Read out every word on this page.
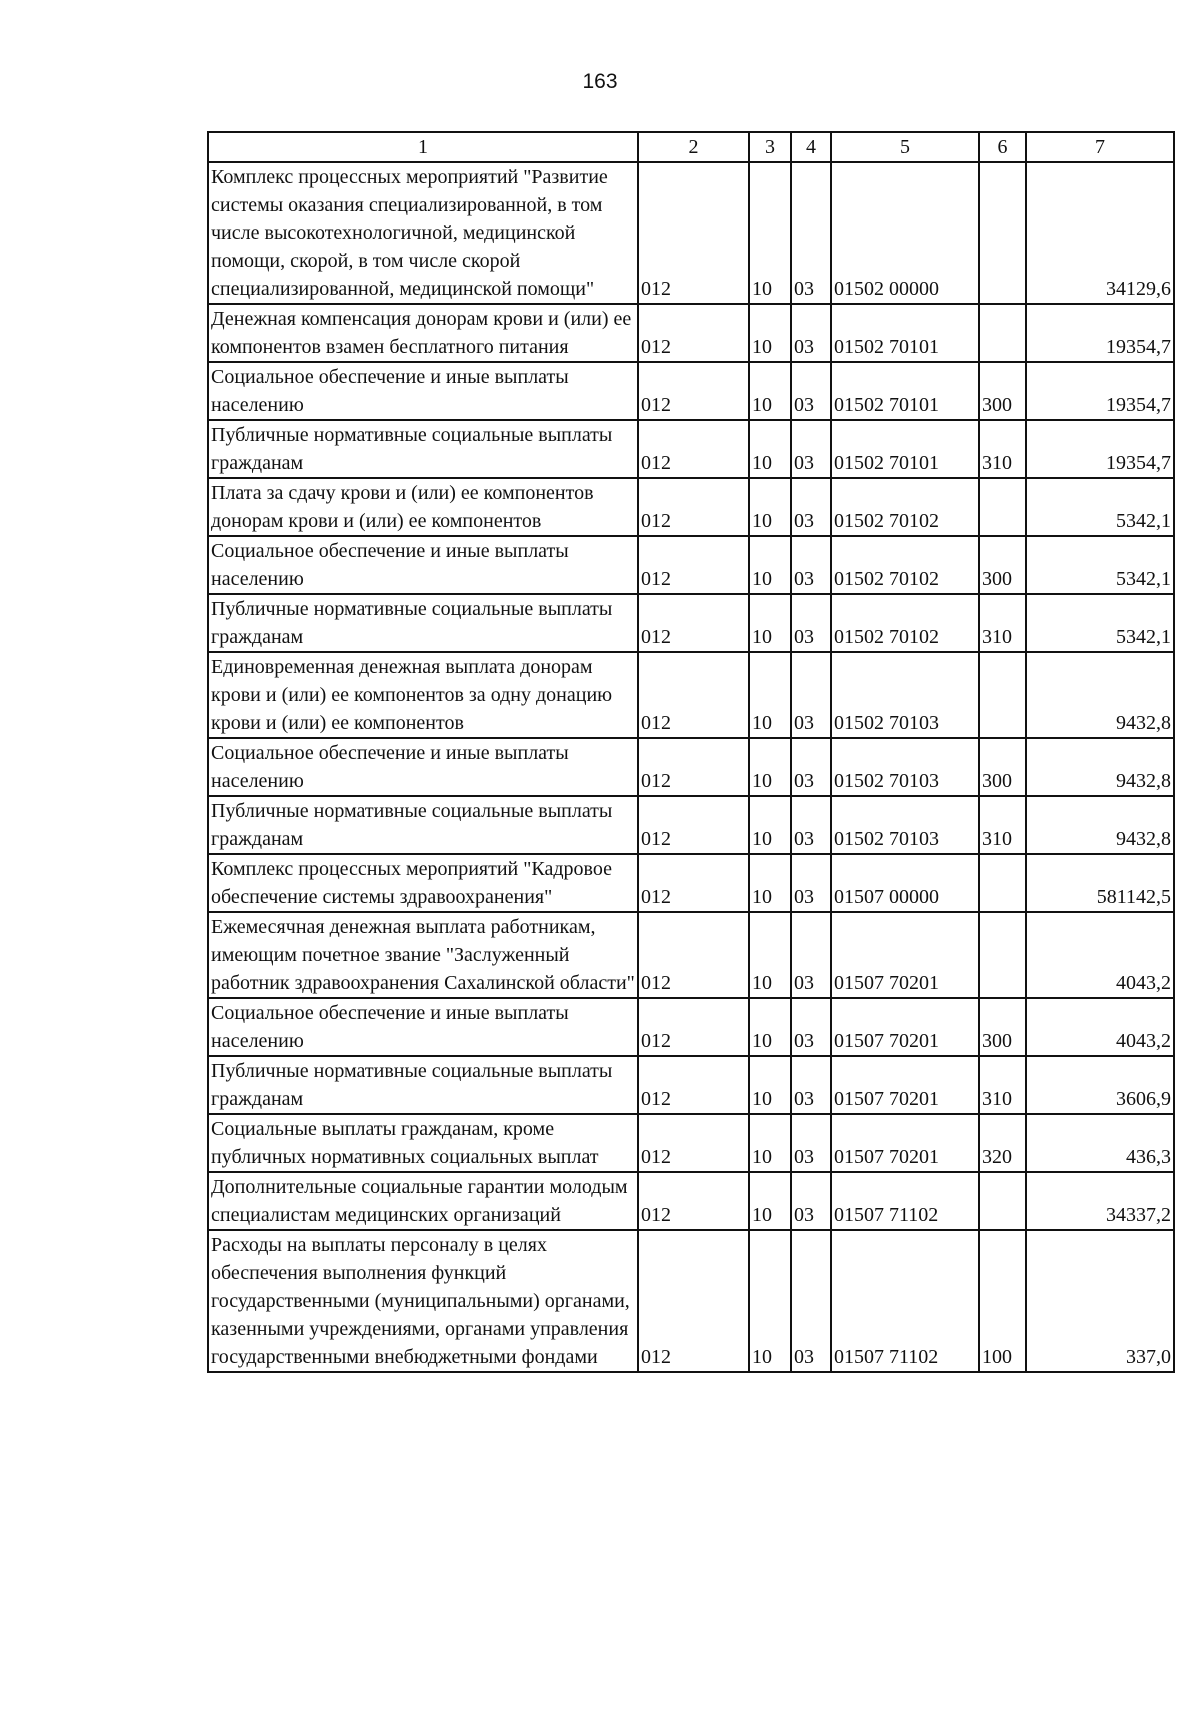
163
1	2	3	4	5	6	7
Комплекс процессных мероприятий "Развитие системы оказания специализированной, в том числе высокотехнологичной, медицинской помощи, скорой, в том числе скорой специализированной, медицинской помощи"	012	10	03	01502 00000		34129,6
Денежная компенсация донорам крови и (или) ее компонентов взамен бесплатного питания	012	10	03	01502 70101		19354,7
Социальное обеспечение и иные выплаты населению	012	10	03	01502 70101	300	19354,7
Публичные нормативные социальные выплаты гражданам	012	10	03	01502 70101	310	19354,7
Плата за сдачу крови и (или) ее компонентов донорам крови и (или) ее компонентов	012	10	03	01502 70102		5342,1
Социальное обеспечение и иные выплаты населению	012	10	03	01502 70102	300	5342,1
Публичные нормативные социальные выплаты гражданам	012	10	03	01502 70102	310	5342,1
Единовременная денежная выплата донорам крови и (или) ее компонентов за одну донацию крови и (или) ее компонентов	012	10	03	01502 70103		9432,8
Социальное обеспечение и иные выплаты населению	012	10	03	01502 70103	300	9432,8
Публичные нормативные социальные выплаты гражданам	012	10	03	01502 70103	310	9432,8
Комплекс процессных мероприятий "Кадровое обеспечение системы здравоохранения"	012	10	03	01507 00000		581142,5
Ежемесячная денежная выплата работникам, имеющим почетное звание "Заслуженный работник здравоохранения Сахалинской области"	012	10	03	01507 70201		4043,2
Социальное обеспечение и иные выплаты населению	012	10	03	01507 70201	300	4043,2
Публичные нормативные социальные выплаты гражданам	012	10	03	01507 70201	310	3606,9
Социальные выплаты гражданам, кроме публичных нормативных социальных выплат	012	10	03	01507 70201	320	436,3
Дополнительные социальные гарантии молодым специалистам медицинских организаций	012	10	03	01507 71102		34337,2
Расходы на выплаты персоналу в целях обеспечения выполнения функций государственными (муниципальными) органами, казенными учреждениями, органами управления государственными внебюджетными фондами	012	10	03	01507 71102	100	337,0
